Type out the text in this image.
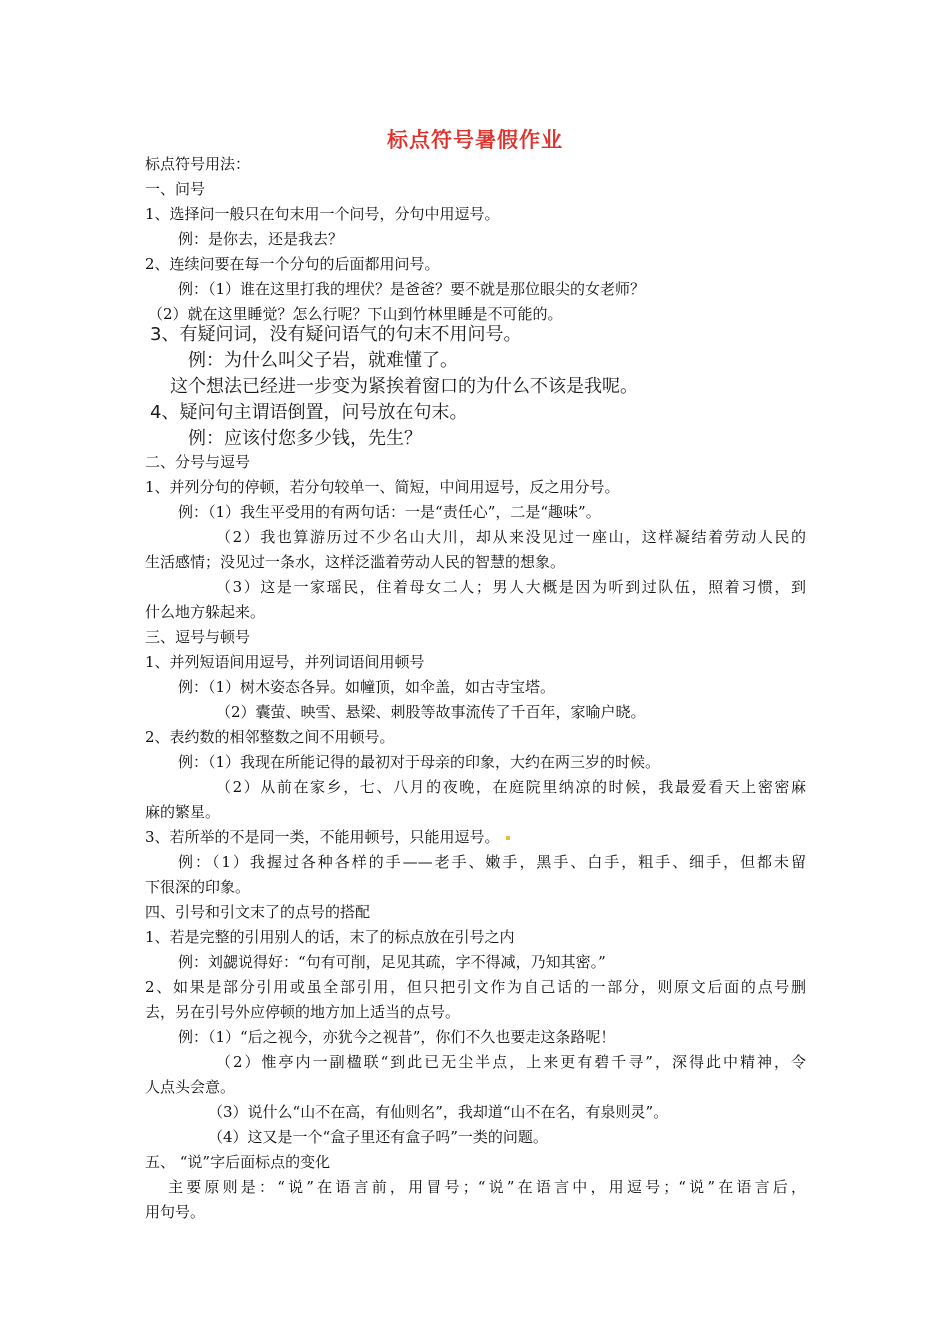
标点符号暑假作业
标点符号用法：
一、问号
1、选择问一般只在句末用一个问号，分句中用逗号。
例：是你去，还是我去？
2、连续问要在每一个分句的后面都用问号。
例：（1）谁在这里打我的埋伏？是爸爸？要不就是那位眼尖的女老师？
（2）就在这里睡觉？怎么行呢？下山到竹林里睡是不可能的。
3、有疑问词，没有疑问语气的句末不用问号。
例：为什么叫父子岩，就难懂了。
这个想法已经进一步变为紧挨着窗口的为什么不该是我呢。
4、疑问句主谓语倒置，问号放在句末。
例：应该付您多少钱，先生？
二、分号与逗号
1、并列分句的停顿，若分句较单一、简短，中间用逗号，反之用分号。
例：（1）我生平受用的有两句话：一是“责任心”，二是“趣味”。
（2）我也算游历过不少名山大川，却从来没见过一座山，这样凝结着劳动人民的
生活感情；没见过一条水，这样泛滥着劳动人民的智慧的想象。
（3）这是一家瑶民，住着母女二人；男人大概是因为听到过队伍，照着习惯，到
什么地方躲起来。
三、逗号与顿号
1、并列短语间用逗号，并列词语间用顿号
例：（1）树木姿态各异。如幢顶，如伞盖，如古寺宝塔。
（2）囊萤、映雪、悬梁、刺股等故事流传了千百年，家喻户晓。
2、表约数的相邻整数之间不用顿号。
例：（1）我现在所能记得的最初对于母亲的印象，大约在两三岁的时候。
（2）从前在家乡，七、八月的夜晚，在庭院里纳凉的时候，我最爱看天上密密麻
麻的繁星。
3、若所举的不是同一类，不能用顿号，只能用逗号。
例：（1）我握过各种各样的手——老手、嫩手，黑手、白手，粗手、细手，但都未留
下很深的印象。
四、引号和引文末了的点号的搭配
1、若是完整的引用别人的话，末了的标点放在引号之内
例：刘勰说得好：“句有可削，足见其疏，字不得减，乃知其密。”
2、如果是部分引用或虽全部引用，但只把引文作为自己话的一部分，则原文后面的点号删
去，另在引号外应停顿的地方加上适当的点号。
例：（1）“后之视今，亦犹今之视昔”，你们不久也要走这条路呢！
（2）惟亭内一副楹联“到此已无尘半点，上来更有碧千寻”，深得此中精神，令
人点头会意。
（3）说什么“山不在高，有仙则名”，我却道“山不在名，有泉则灵”。
（4）这又是一个“盒子里还有盒子吗”一类的问题。
五、 “说”字后面标点的变化
主要原则是：“说”在语言前，用冒号；“说”在语言中，用逗号；“说”在语言后，
用句号。
